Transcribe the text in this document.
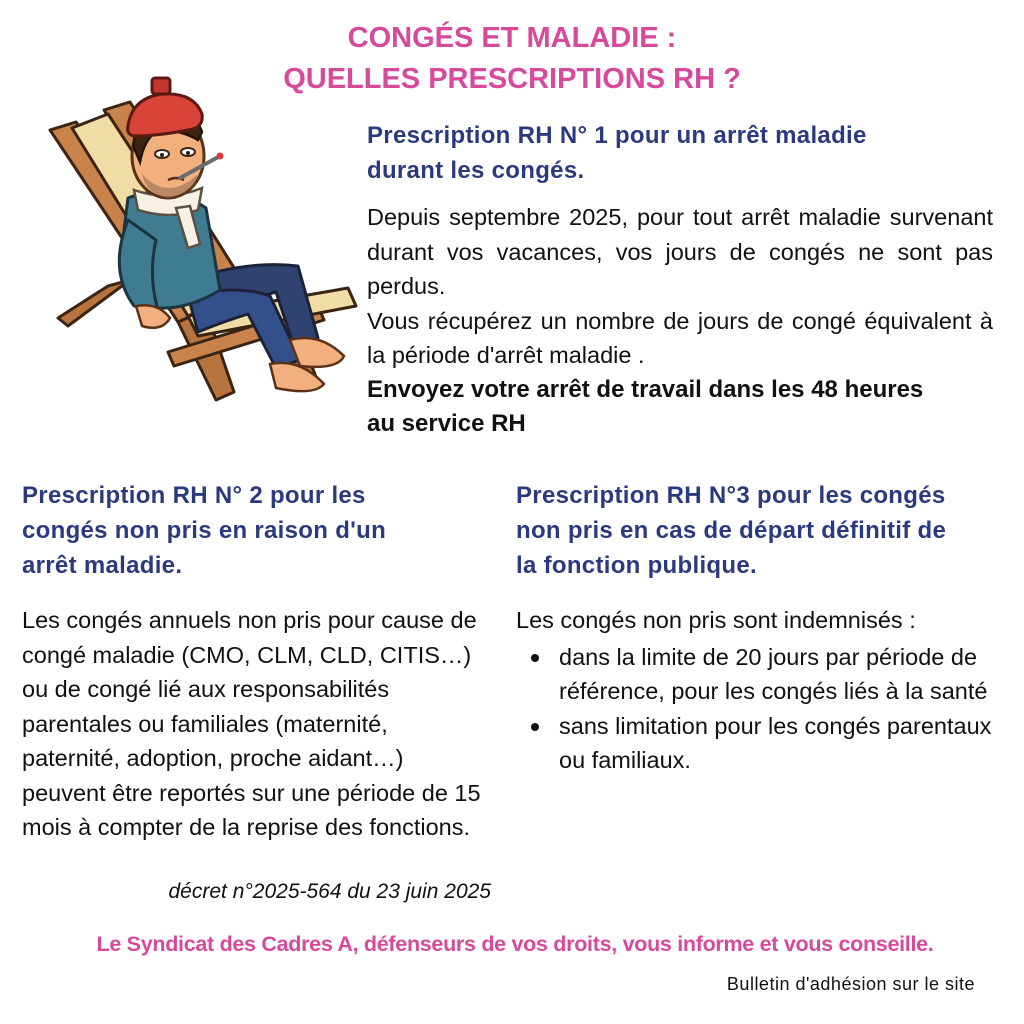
CONGÉS ET MALADIE :
QUELLES PRESCRIPTIONS RH ?
Prescription RH N° 1 pour un arrêt maladie
durant les congés.

Depuis septembre 2025, pour tout arrêt maladie survenant durant vos vacances, vos jours de congés ne sont pas perdus.

Vous récupérez un nombre de jours de congé équivalent à la période d'arrêt maladie .

Envoyez votre arrêt de travail dans les 48 heures
au service RH

Prescription RH N° 2 pour les
congés non pris en raison d'un
arrêt maladie.

Les congés annuels non pris pour cause de congé maladie (CMO, CLM, CLD, CITIS…) ou de congé lié aux responsabilités parentales ou familiales (maternité, paternité, adoption, proche aidant…) peuvent être reportés sur une période de 15 mois à compter de la reprise des fonctions.

décret n°2025-564 du 23 juin 2025
Prescription RH N°3 pour les congés
non pris en cas de départ définitif de
la fonction publique.

Les congés non pris sont indemnisés :

dans la limite de 20 jours par période de référence, pour les congés liés à la santé
sans limitation pour les congés parentaux ou familiaux.
Le Syndicat des Cadres A, défenseurs de vos droits, vous informe et vous conseille.
Bulletin d'adhésion sur le site
